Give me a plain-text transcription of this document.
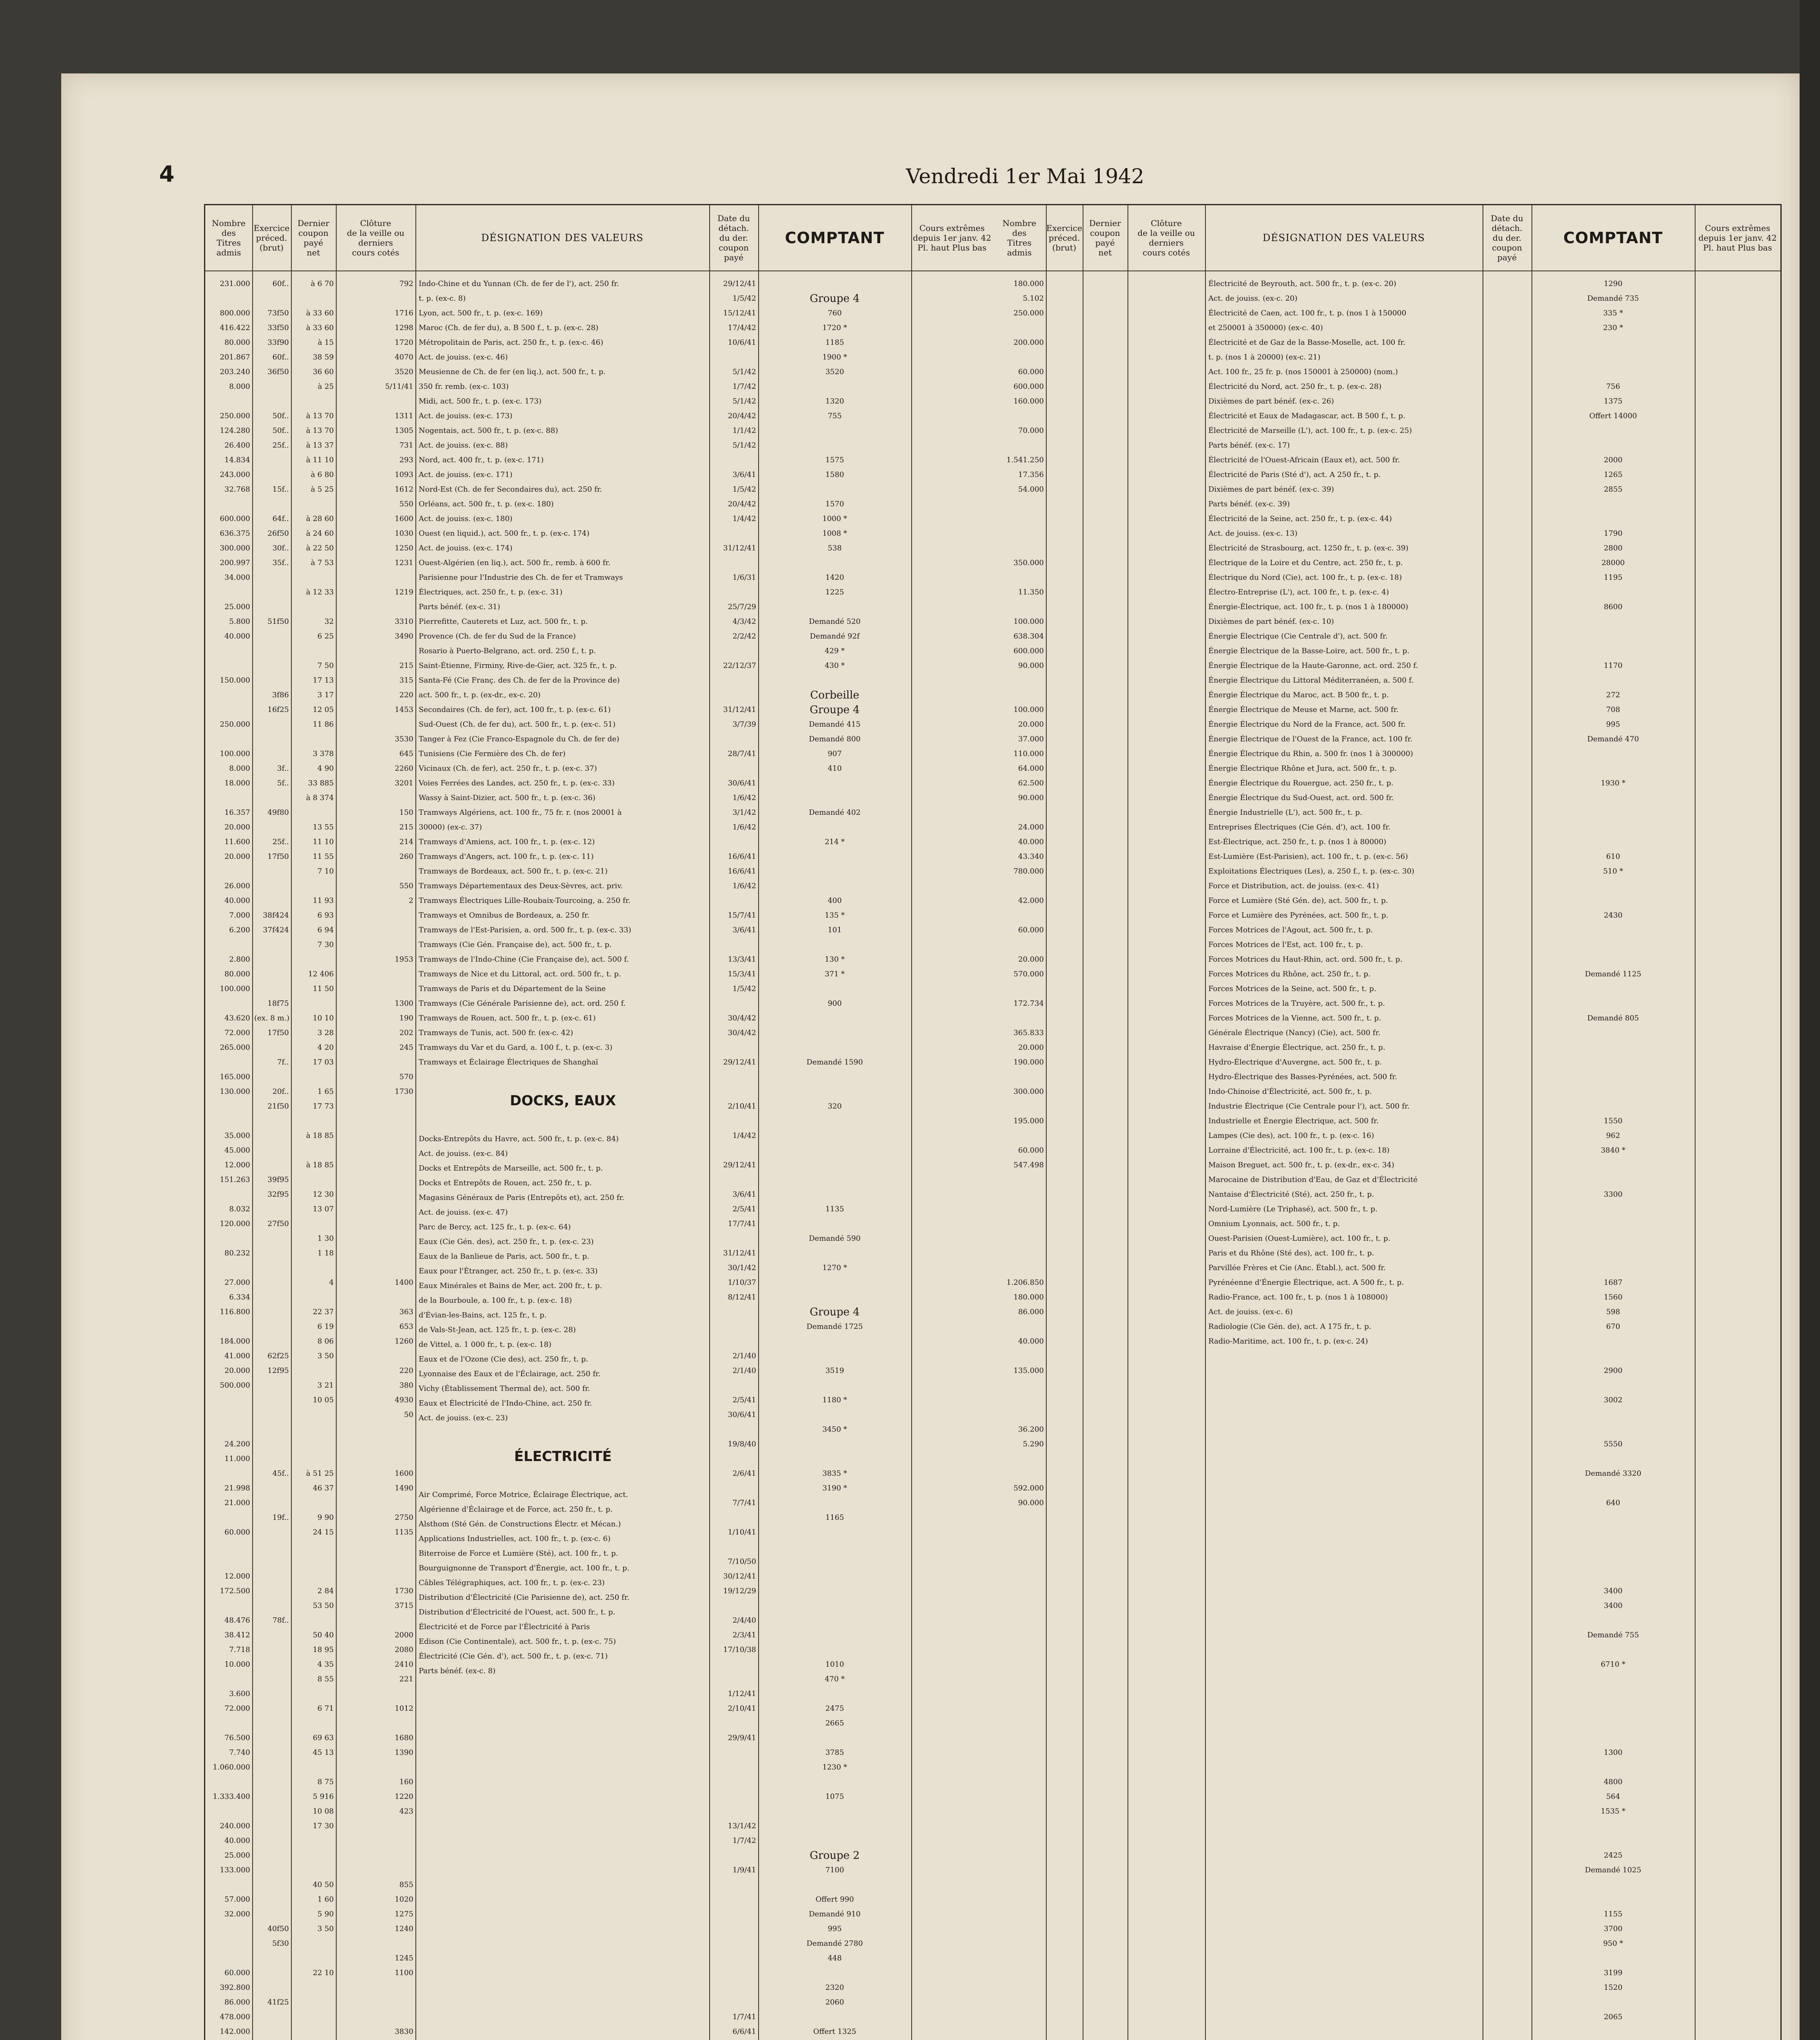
4	Vendredi 1er Mai 1942
Nombre
des
Titres
admis
231.000
800.000
416.422
80.000
201.867
203.240
8.000
250.000
124.280
26.400
14.834
243.000
32.768
600.000
636.375
300.000
200.997
34.000
25.000
5.800
40.000
150.000
250.000
100.000
8.000
18.000
16.357
20.000
11.600
20.000
26.000
40.000
7.000
6.200
2.800
80.000
100.000
43.620
72.000
265.000
165.000
130.000
35.000
45.000
12.000
151.263
8.032
120.000
80.232
27.000
6.334
116.800
184.000
41.000
20.000
500.000
24.200
11.000
21.998
21.000
60.000
12.000
172.500
48.476
38.412
7.718
10.000
3.600
72.000
76.500
7.740
1.060.000
1.333.400
240.000
40.000
25.000
133.000
57.000
32.000
60.000
392.800
86.000
478.000
142.000
Exercice
préced.
(brut)
60f..
73f50
33f50
33f90
60f..
36f50
50f..
50f..
25f..
15f..
64f..
26f50
30f..
35f..
51f50
3f86
16f25
3f..
5f..
49f80
25f..
17f50
38f424
37f424
18f75
(ex. 8 m.)
17f50
7f..
20f..
21f50
39f95
32f95
27f50
62f25
12f95
45f..
19f..
78f..
40f50
5f30
41f25
Dernier
coupon
payé
net
à 6 70
à 33 60
à 33 60
à 15
38 59
36 60
à 25
à 13 70
à 13 70
à 13 37
à 11 10
à 6 80
à 5 25
à 28 60
à 24 60
à 22 50
à 7 53
à 12 33
32
6 25
7 50
17 13
3 17
12 05
11 86
3 378
4 90
33 885
à 8 374
13 55
11 10
11 55
7 10
11 93
6 93
6 94
7 30
12 406
11 50
10 10
3 28
4 20
17 03
1 65
17 73
à 18 85
à 18 85
12 30
13 07
1 30
1 18
4
22 37
6 19
8 06
3 50
3 21
10 05
à 51 25
46 37
9 90
24 15
2 84
53 50
50 40
18 95
4 35
8 55
6 71
69 63
45 13
8 75
5 916
10 08
17 30
40 50
1 60
5 90
3 50
22 10
Clôture
de la veille ou
derniers
cours cotés
792
1716
1298
1720
4070
3520
5/11/41
1311
1305
731
293
1093
1612
550
1600
1030
1250
1231
1219
3310
3490
215
315
220
1453
3530
645
2260
3201
150
215
214
260
550
2
1953
1300
190
202
245
570
1730
1400
363
653
1260
220
380
4930
50
1600
1490
2750
1135
1730
3715
2000
2080
2410
221
1012
1680
1390
160
1220
423
855
1020
1275
1240
1245
1100
3830
DÉSIGNATION DES VALEURS
Indo-Chine et du Yunnan (Ch. de fer de l'), act. 250 fr.
t. p. (ex-c. 8)
Lyon, act. 500 fr., t. p. (ex-c. 169)
Maroc (Ch. de fer du), a. B 500 f., t. p. (ex-c. 28)
Métropolitain de Paris, act. 250 fr., t. p. (ex-c. 46)
Act. de jouiss. (ex-c. 46)
Meusienne de Ch. de fer (en liq.), act. 500 fr., t. p.
350 fr. remb. (ex-c. 103)
Midi, act. 500 fr., t. p. (ex-c. 173)
Act. de jouiss. (ex-c. 173)
Nogentais, act. 500 fr., t. p. (ex-c. 88)
Act. de jouiss. (ex-c. 88)
Nord, act. 400 fr., t. p. (ex-c. 171)
Act. de jouiss. (ex-c. 171)
Nord-Est (Ch. de fer Secondaires du), act. 250 fr.
Orléans, act. 500 fr., t. p. (ex-c. 180)
Act. de jouiss. (ex-c. 180)
Ouest (en liquid.), act. 500 fr., t. p. (ex-c. 174)
Act. de jouiss. (ex-c. 174)
Ouest-Algérien (en liq.), act. 500 fr., remb. à 600 fr.
Parisienne pour l'Industrie des Ch. de fer et Tramways
Électriques, act. 250 fr., t. p. (ex-c. 31)
Parts bénéf. (ex-c. 31)
Pierrefitte, Cauterets et Luz, act. 500 fr., t. p.
Provence (Ch. de fer du Sud de la France)
Rosario à Puerto-Belgrano, act. ord. 250 f., t. p.
Saint-Étienne, Firminy, Rive-de-Gier, act. 325 fr., t. p.
Santa-Fé (Cie Franç. des Ch. de fer de la Province de)
act. 500 fr., t. p. (ex-dr., ex-c. 20)
Secondaires (Ch. de fer), act. 100 fr., t. p. (ex-c. 61)
Sud-Ouest (Ch. de fer du), act. 500 fr., t. p. (ex-c. 51)
Tanger à Fez (Cie Franco-Espagnole du Ch. de fer de)
Tunisiens (Cie Fermière des Ch. de fer)
Vicinaux (Ch. de fer), act. 250 fr., t. p. (ex-c. 37)
Voies Ferrées des Landes, act. 250 fr., t. p. (ex-c. 33)
Wassy à Saint-Dizier, act. 500 fr., t. p. (ex-c. 36)
Tramways Algériens, act. 100 fr., 75 fr. r. (nos 20001 à
30000) (ex-c. 37)
Tramways d'Amiens, act. 100 fr., t. p. (ex-c. 12)
Tramways d'Angers, act. 100 fr., t. p. (ex-c. 11)
Tramways de Bordeaux, act. 500 fr., t. p. (ex-c. 21)
Tramways Départementaux des Deux-Sèvres, act. priv.
Tramways Électriques Lille-Roubaix-Tourcoing, a. 250 fr.
Tramways et Omnibus de Bordeaux, a. 250 fr.
Tramways de l'Est-Parisien, a. ord. 500 fr., t. p. (ex-c. 33)
Tramways (Cie Gén. Française de), act. 500 fr., t. p.
Tramways de l'Indo-Chine (Cie Française de), act. 500 f.
Tramways de Nice et du Littoral, act. ord. 500 fr., t. p.
Tramways de Paris et du Département de la Seine
Tramways (Cie Générale Parisienne de), act. ord. 250 f.
Tramways de Rouen, act. 500 fr., t. p. (ex-c. 61)
Tramways de Tunis, act. 500 fr. (ex-c. 42)
Tramways du Var et du Gard, a. 100 f., t. p. (ex-c. 3)
Tramways et Éclairage Électriques de Shanghaï
DOCKS, EAUX
Docks-Entrepôts du Havre, act. 500 fr., t. p. (ex-c. 84)
Act. de jouiss. (ex-c. 84)
Docks et Entrepôts de Marseille, act. 500 fr., t. p.
Docks et Entrepôts de Rouen, act. 250 fr., t. p.
Magasins Généraux de Paris (Entrepôts et), act. 250 fr.
Act. de jouiss. (ex-c. 47)
Parc de Bercy, act. 125 fr., t. p. (ex-c. 64)
Eaux (Cie Gén. des), act. 250 fr., t. p. (ex-c. 23)
Eaux de la Banlieue de Paris, act. 500 fr., t. p.
Eaux pour l'Étranger, act. 250 fr., t. p. (ex-c. 33)
Eaux Minérales et Bains de Mer, act. 200 fr., t. p.
de la Bourboule, a. 100 fr., t. p. (ex-c. 18)
d'Évian-les-Bains, act. 125 fr., t. p.
de Vals-St-Jean, act. 125 fr., t. p. (ex-c. 28)
de Vittel, a. 1 000 fr., t. p. (ex-c. 18)
Eaux et de l'Ozone (Cie des), act. 250 fr., t. p.
Lyonnaise des Eaux et de l'Éclairage, act. 250 fr.
Vichy (Établissement Thermal de), act. 500 fr.
Eaux et Électricité de l'Indo-Chine, act. 250 fr.
Act. de jouiss. (ex-c. 23)
ÉLECTRICITÉ
Air Comprimé, Force Motrice, Éclairage Électrique, act.
Algérienne d'Éclairage et de Force, act. 250 fr., t. p.
Alsthom (Sté Gén. de Constructions Électr. et Mécan.)
Applications Industrielles, act. 100 fr., t. p. (ex-c. 6)
Biterroise de Force et Lumière (Sté), act. 100 fr., t. p.
Bourguignonne de Transport d'Énergie, act. 100 fr., t. p.
Câbles Télégraphiques, act. 100 fr., t. p. (ex-c. 23)
Distribution d'Électricité (Cie Parisienne de), act. 250 fr.
Distribution d'Électricité de l'Ouest, act. 500 fr., t. p.
Électricité et de Force par l'Électricité à Paris
Edison (Cie Continentale), act. 500 fr., t. p. (ex-c. 75)
Électricité (Cie Gén. d'), act. 500 fr., t. p. (ex-c. 71)
Parts bénéf. (ex-c. 8)
Date du
détach.
du der.
coupon
payé
29/12/41
1/5/42
15/12/41
17/4/42
10/6/41
5/1/42
1/7/42
5/1/42
20/4/42
1/1/42
5/1/42
3/6/41
1/5/42
20/4/42
1/4/42
31/12/41
1/6/31
25/7/29
4/3/42
2/2/42
22/12/37
31/12/41
3/7/39
28/7/41
30/6/41
1/6/42
3/1/42
1/6/42
16/6/41
16/6/41
1/6/42
15/7/41
3/6/41
13/3/41
15/3/41
1/5/42
30/4/42
30/4/42
29/12/41
2/10/41
1/4/42
29/12/41
3/6/41
2/5/41
17/7/41
31/12/41
30/1/42
1/10/37
8/12/41
2/1/40
2/1/40
2/5/41
30/6/41
19/8/40
2/6/41
7/7/41
1/10/41
7/10/50
30/12/41
19/12/29
2/4/40
2/3/41
17/10/38
1/12/41
2/10/41
29/9/41
13/1/42
1/7/42
1/9/41
1/7/41
6/6/41
COMPTANT
Groupe 4
760
1720 *
1185
1900 *
3520
1320
755
1575
1580
1570
1000 *
1008 *
538
1420
1225
Demandé 520
Demandé 92f
429 *
430 *
Corbeille
Groupe 4
Demandé 415
Demandé 800
907
410
Demandé 402
214 *
400
135 *
101
130 *
371 *
900
Demandé 1590
320
1135
Demandé 590
1270 *
Groupe 4
Demandé 1725
3519
1180 *
3450 *
3835 *
3190 *
1165
1010
470 *
2475
2665
3785
1230 *
1075
Groupe 2
7100
Offert 990
Demandé 910
995
Demandé 2780
448
2320
2060
Offert 1325
Cours extrêmes
depuis 1er janv. 42
Pl. haut Plus bas
Nombre
des
Titres
admis
180.000
5.102
250.000
200.000
60.000
600.000
160.000
70.000
1.541.250
17.356
54.000
350.000
11.350
100.000
638.304
600.000
90.000
100.000
20.000
37.000
110.000
64.000
62.500
90.000
24.000
40.000
43.340
780.000
42.000
60.000
20.000
570.000
172.734
365.833
20.000
190.000
300.000
195.000
60.000
547.498
1.206.850
180.000
86.000
40.000
135.000
36.200
5.290
592.000
90.000
Exercice
préced.
(brut)
Dernier
coupon
payé
net
Clôture
de la veille ou
derniers
cours cotés
DÉSIGNATION DES VALEURS
Électricité de Beyrouth, act. 500 fr., t. p. (ex-c. 20)
Act. de jouiss. (ex-c. 20)
Électricité de Caen, act. 100 fr., t. p. (nos 1 à 150000
et 250001 à 350000) (ex-c. 40)
Électricité et de Gaz de la Basse-Moselle, act. 100 fr.
t. p. (nos 1 à 20000) (ex-c. 21)
Act. 100 fr., 25 fr. p. (nos 150001 à 250000) (nom.)
Électricité du Nord, act. 250 fr., t. p. (ex-c. 28)
Dixièmes de part bénéf. (ex-c. 26)
Électricité et Eaux de Madagascar, act. B 500 f., t. p.
Électricité de Marseille (L'), act. 100 fr., t. p. (ex-c. 25)
Parts bénéf. (ex-c. 17)
Électricité de l'Ouest-Africain (Eaux et), act. 500 fr.
Électricité de Paris (Sté d'), act. A 250 fr., t. p.
Dixièmes de part bénéf. (ex-c. 39)
Parts bénéf. (ex-c. 39)
Électricité de la Seine, act. 250 fr., t. p. (ex-c. 44)
Act. de jouiss. (ex-c. 13)
Électricité de Strasbourg, act. 1250 fr., t. p. (ex-c. 39)
Électrique de la Loire et du Centre, act. 250 fr., t. p.
Électrique du Nord (Cie), act. 100 fr., t. p. (ex-c. 18)
Électro-Entreprise (L'), act. 100 fr., t. p. (ex-c. 4)
Énergie-Électrique, act. 100 fr., t. p. (nos 1 à 180000)
Dixièmes de part bénéf. (ex-c. 10)
Énergie Électrique (Cie Centrale d'), act. 500 fr.
Énergie Électrique de la Basse-Loire, act. 500 fr., t. p.
Énergie Électrique de la Haute-Garonne, act. ord. 250 f.
Énergie Électrique du Littoral Méditerranéen, a. 500 f.
Énergie Électrique du Maroc, act. B 500 fr., t. p.
Énergie Électrique de Meuse et Marne, act. 500 fr.
Énergie Électrique du Nord de la France, act. 500 fr.
Énergie Électrique de l'Ouest de la France, act. 100 fr.
Énergie Électrique du Rhin, a. 500 fr. (nos 1 à 300000)
Énergie Électrique Rhône et Jura, act. 500 fr., t. p.
Énergie Électrique du Rouergue, act. 250 fr., t. p.
Énergie Électrique du Sud-Ouest, act. ord. 500 fr.
Énergie Industrielle (L'), act. 500 fr., t. p.
Entreprises Électriques (Cie Gén. d'), act. 100 fr.
Est-Électrique, act. 250 fr., t. p. (nos 1 à 80000)
Est-Lumière (Est-Parisien), act. 100 fr., t. p. (ex-c. 56)
Exploitations Électriques (Les), a. 250 f., t. p. (ex-c. 30)
Force et Distribution, act. de jouiss. (ex-c. 41)
Force et Lumière (Sté Gén. de), act. 500 fr., t. p.
Force et Lumière des Pyrénées, act. 500 fr., t. p.
Forces Motrices de l'Agout, act. 500 fr., t. p.
Forces Motrices de l'Est, act. 100 fr., t. p.
Forces Motrices du Haut-Rhin, act. ord. 500 fr., t. p.
Forces Motrices du Rhône, act. 250 fr., t. p.
Forces Motrices de la Seine, act. 500 fr., t. p.
Forces Motrices de la Truyère, act. 500 fr., t. p.
Forces Motrices de la Vienne, act. 500 fr., t. p.
Générale Électrique (Nancy) (Cie), act. 500 fr.
Havraise d'Énergie Électrique, act. 250 fr., t. p.
Hydro-Électrique d'Auvergne, act. 500 fr., t. p.
Hydro-Électrique des Basses-Pyrénées, act. 500 fr.
Indo-Chinoise d'Électricité, act. 500 fr., t. p.
Industrie Électrique (Cie Centrale pour l'), act. 500 fr.
Industrielle et Énergie Électrique, act. 500 fr.
Lampes (Cie des), act. 100 fr., t. p. (ex-c. 16)
Lorraine d'Électricité, act. 100 fr., t. p. (ex-c. 18)
Maison Breguet, act. 500 fr., t. p. (ex-dr., ex-c. 34)
Marocaine de Distribution d'Eau, de Gaz et d'Électricité
Nantaise d'Électricité (Sté), act. 250 fr., t. p.
Nord-Lumière (Le Triphasé), act. 500 fr., t. p.
Omnium Lyonnais, act. 500 fr., t. p.
Ouest-Parisien (Ouest-Lumière), act. 100 fr., t. p.
Paris et du Rhône (Sté des), act. 100 fr., t. p.
Parvillée Frères et Cie (Anc. Établ.), act. 500 fr.
Pyrénéenne d'Énergie Électrique, act. A 500 fr., t. p.
Radio-France, act. 100 fr., t. p. (nos 1 à 108000)
Act. de jouiss. (ex-c. 6)
Radiologie (Cie Gén. de), act. A 175 fr., t. p.
Radio-Maritime, act. 100 fr., t. p. (ex-c. 24)
Date du
détach.
du der.
coupon
payé
COMPTANT
1290
Demandé 735
335 *
230 *
756
1375
Offert 14000
2000
1265
2855
1790
2800
28000
1195
8600
1170
272
708
995
Demandé 470
1930 *
610
510 *
2430
Demandé 1125
Demandé 805
1550
962
3840 *
3300
1687
1560
598
670
2900
3002
5550
Demandé 3320
640
3400
3400
Demandé 755
6710 *
1300
4800
564
1535 *
2425
Demandé 1025
1155
3700
950 *
3199
1520
2065
Cours extrêmes
depuis 1er janv. 42
Pl. haut Plus bas
